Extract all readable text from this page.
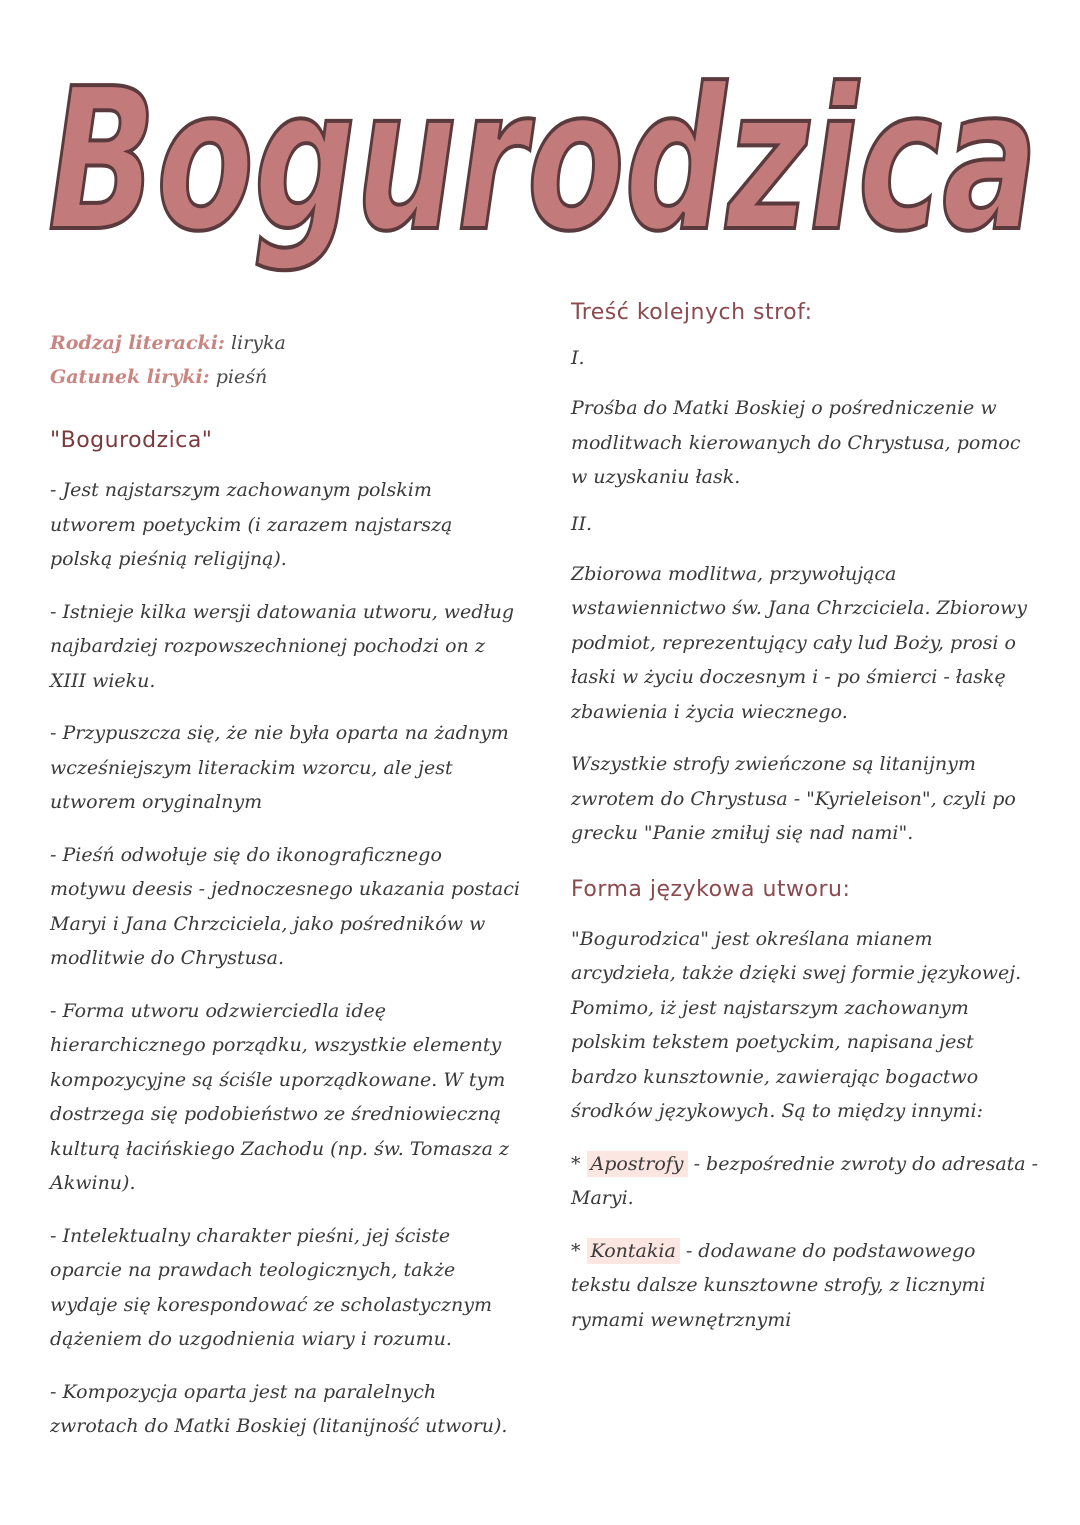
Bogurodzica
Rodzaj literacki: liryka
Gatunek liryki: pieśń
"Bogurodzica"

- Jest najstarszym zachowanym polskim utworem poetyckim (i zarazem najstarszą polską pieśnią religijną).

- Istnieje kilka wersji datowania utworu, według najbardziej rozpowszechnionej pochodzi on z XIII wieku.

- Przypuszcza się, że nie była oparta na żadnym wcześniejszym literackim wzorcu, ale jest utworem oryginalnym

- Pieśń odwołuje się do ikonograficznego motywu deesis - jednoczesnego ukazania postaci Maryi i Jana Chrzciciela, jako pośredników w modlitwie do Chrystusa.

- Forma utworu odzwierciedla ideę hierarchicznego porządku, wszystkie elementy kompozycyjne są ściśle uporządkowane. W tym dostrzega się podobieństwo ze średniowieczną kulturą łacińskiego Zachodu (np. św. Tomasza z Akwinu).

- Intelektualny charakter pieśni, jej ściste oparcie na prawdach teologicznych, także wydaje się korespondować ze scholastycznym dążeniem do uzgodnienia wiary i rozumu.

- Kompozycja oparta jest na paralelnych zwrotach do Matki Boskiej (litanijność utworu).

Treść kolejnych strof:
I.

Prośba do Matki Boskiej o pośredniczenie w modlitwach kierowanych do Chrystusa, pomoc w uzyskaniu łask.

II.

Zbiorowa modlitwa, przywołująca wstawiennictwo św. Jana Chrzciciela. Zbiorowy podmiot, reprezentujący cały lud Boży, prosi o łaski w życiu doczesnym i - po śmierci - łaskę zbawienia i życia wiecznego.

Wszystkie strofy zwieńczone są litanijnym zwrotem do Chrystusa - "Kyrieleison", czyli po grecku "Panie zmiłuj się nad nami".

Forma językowa utworu:

"Bogurodzica" jest określana mianem arcydzieła, także dzięki swej formie językowej. Pomimo, iż jest najstarszym zachowanym polskim tekstem poetyckim, napisana jest bardzo kunsztownie, zawierając bogactwo środków językowych. Są to między innymi:

* Apostrofy - bezpośrednie zwroty do adresata - Maryi.

* Kontakia - dodawane do podstawowego tekstu dalsze kunsztowne strofy, z licznymi rymami wewnętrznymi
